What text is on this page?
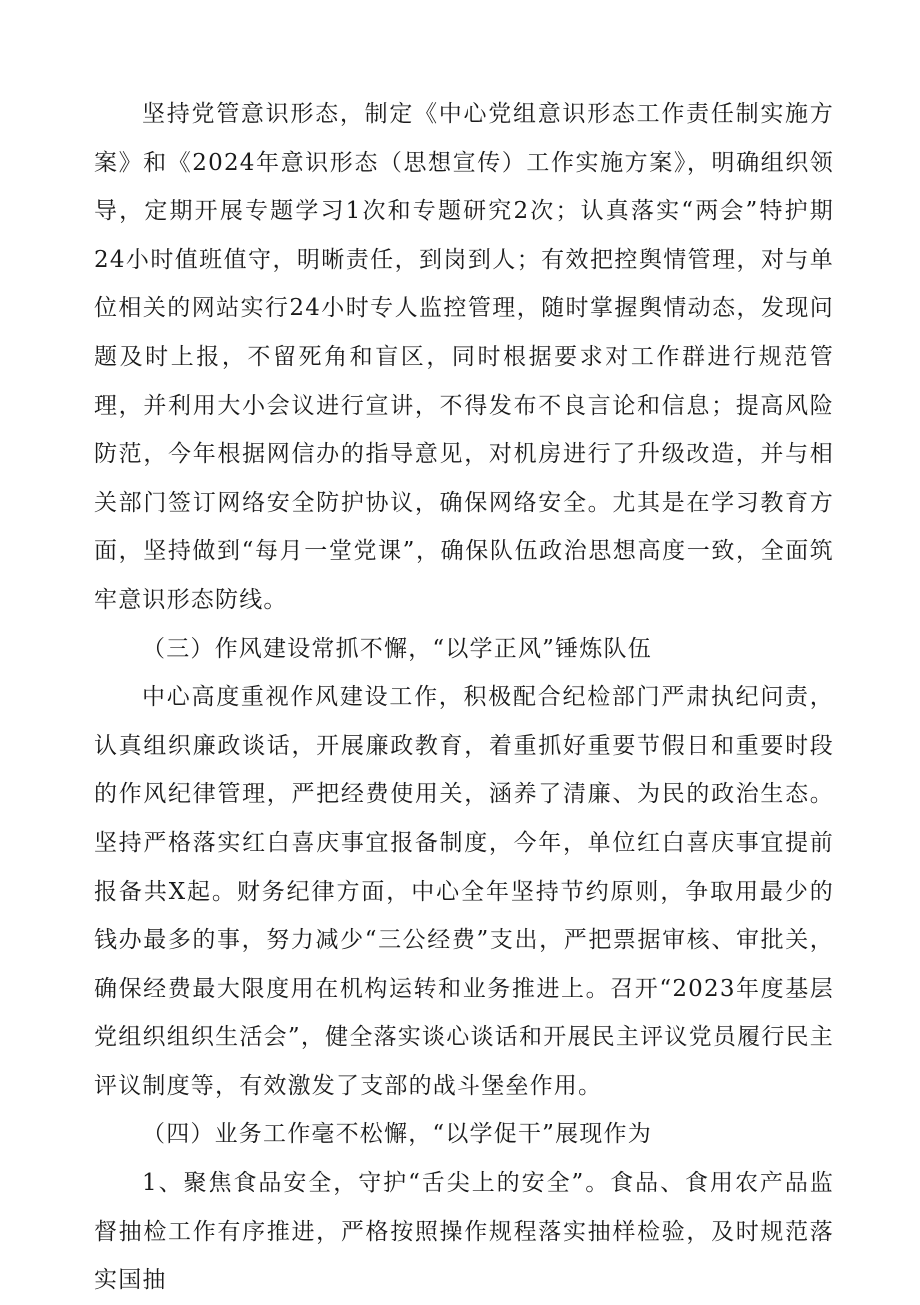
坚持党管意识形态，制定《中心党组意识形态工作责任制实施方案》和《2024年意识形态（思想宣传）工作实施方案》，明确组织领导，定期开展专题学习1次和专题研究2次；认真落实“两会”特护期24小时值班值守，明晰责任，到岗到人；有效把控舆情管理，对与单位相关的网站实行24小时专人监控管理，随时掌握舆情动态，发现问题及时上报，不留死角和盲区，同时根据要求对工作群进行规范管理，并利用大小会议进行宣讲，不得发布不良言论和信息；提高风险防范，今年根据网信办的指导意见，对机房进行了升级改造，并与相关部门签订网络安全防护协议，确保网络安全。尤其是在学习教育方面，坚持做到“每月一堂党课”，确保队伍政治思想高度一致，全面筑牢意识形态防线。

（三）作风建设常抓不懈，“以学正风”锤炼队伍

中心高度重视作风建设工作，积极配合纪检部门严肃执纪问责，认真组织廉政谈话，开展廉政教育，着重抓好重要节假日和重要时段的作风纪律管理，严把经费使用关，涵养了清廉、为民的政治生态。坚持严格落实红白喜庆事宜报备制度，今年，单位红白喜庆事宜提前报备共X起。财务纪律方面，中心全年坚持节约原则，争取用最少的钱办最多的事，努力减少“三公经费”支出，严把票据审核、审批关，确保经费最大限度用在机构运转和业务推进上。召开“2023年度基层党组织组织生活会”，健全落实谈心谈话和开展民主评议党员履行民主评议制度等，有效激发了支部的战斗堡垒作用。

（四）业务工作毫不松懈，“以学促干”展现作为

1、聚焦食品安全，守护“舌尖上的安全”。食品、食用农产品监督抽检工作有序推进，严格按照操作规程落实抽样检验，及时规范落实国抽
